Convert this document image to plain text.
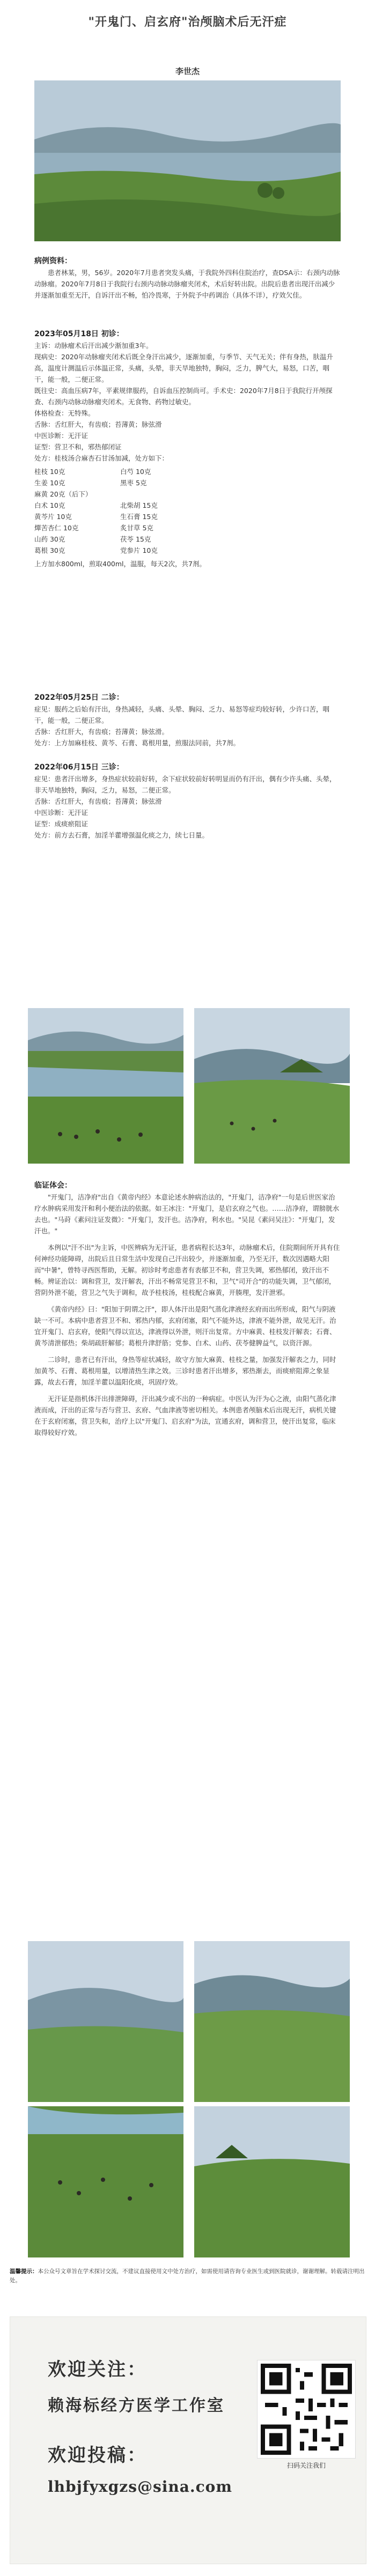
"开鬼门、启玄府"治颅脑术后无汗症
李世杰
病例资料：

患者林某，男，56岁。2020年7月患者突发头痛，于我院外四科住院治疗，查DSA示：右颈内动脉动脉瘤。2020年7月8日于我院行右颈内动脉动脉瘤夹闭术，术后好转出院。出院后患者出现汗出减少并逐渐加重至无汗，自诉汗出不畅，怕冷畏寒，于外院予中药调治（具体不详），疗效欠佳。

2023年05月18日 初诊：

主诉：动脉瘤术后汗出减少渐加重3年。

现病史：2020年动脉瘤夹闭术后既全身汗出减少，逐渐加重，与季节、天气无关；伴有身热，肤温升高，温度计测温后示体温正常，头痛，头晕，非天旱地独特，胸闷，乏力，脾气大，易怒，口苦，咽干，能一般，二便正常。

既往史：高血压病7年，平素规律服药，自诉血压控制尚可。手术史：2020年7月8日于我院行开颅探查、右颈内动脉动脉瘤夹闭术。无食物、药物过敏史。

体格检查：无特殊。

舌脉：舌红肝大，有齿痕；苔薄黄；脉弦滑

中医诊断：无汗证

证型：营卫不和，邪热郁闭证

处方：桂枝汤合麻杏石甘汤加减，处方如下：

桂枝 10克	白芍 10克
生姜 10克	黑枣 5克
麻黄 20克（后下）
白术 10克	北柴胡 15克
黄芩片 10克	生石膏 15克
燀苦杏仁 10克	炙甘草 5克
山药 30克	茯苓 15克
葛根 30克	党参片 10克

上方加水800ml，煎取400ml，温服，每天2次，共7剂。

2022年05月25日 二诊：

症见：服药之后始有汗出，身热减轻，头痛、头晕、胸闷、乏力、易怒等症均较好转，少许口苦，咽干，能一般，二便正常。

舌脉：舌红肝大，有齿痕；苔薄黄；脉弦滑。

处方：上方加麻桂枝、黄芩、石膏、葛根用量，煎服法同前，共7剂。

2022年06月15日 三诊：

症见：患者汗出增多，身热症状较前好转，余下症状较前好转明显而仍有汗出，偶有少许头痛、头晕，非天旱地独特，胸闷，乏力，易怒，二便正常。

舌脉：舌红肝大，有齿痕；苔薄黄；脉弦滑

中医诊断：无汗证

证型：成痰瘀阻证

处方：前方去石膏，加淫羊藿增强温化痰之力，续七日量。

临证体会：

"开鬼门，洁净府"出自《黄帝内经》本意论述水肿病治法的，"开鬼门，洁净府"一句是后世医家治疗水肿病采用发汗和利小便治法的依据。如王冰注："开鬼门，是启玄府之气也。……洁净府，谓膀胱水去也。"马莳《素问注证发微》："开鬼门，发汗也。洁净府，利水也。"吴昆《素问吴注》："开鬼门，发汗也。"

本例以"汗不出"为主诉，中医辨病为无汗证，患者病程长达3年，动脉瘤术后，住院期间所开具有住何神经功能障碍，出院后且日常生活中发现自己汗出较少，并逐渐加重，乃至无汗，数次因遇略大阳而"中暑"，曾特寻西医帮助，无解。初诊时考虑患者有表郁卫不和，营卫失调，邪热郁闭，致汗出不畅。辨证治以：调和营卫，发汗解表，汗出不畅常见营卫不和，卫气"司开合"的功能失调，卫气郁闭，营阴外泄不能，营卫之气失于调和，故予桂枝汤，桂枝配合麻黄，开腠理，发汗泄邪。

《黄帝内经》曰："阳加于阴谓之汗"，即人体汗出是阳气蒸化津液经玄府而出所形成，阳气与阴液缺一不可。本病中患者营卫不和、邪热内郁，玄府闭塞，阳气不能外达，津液不能外泄，故见无汗。治宜开鬼门、启玄府，使阳气得以宣达，津液得以外泄，则汗出复常。方中麻黄、桂枝发汗解表；石膏、黄芩清泄郁热；柴胡疏肝解郁；葛根升津舒筋；党参、白术、山药、茯苓健脾益气，以资汗源。

二诊时，患者已有汗出，身热等症状减轻，故守方加大麻黄、桂枝之量，加强发汗解表之力，同时加黄芩、石膏、葛根用量，以增清热生津之效。三诊时患者汗出增多，邪热渐去，而痰瘀阻滞之象显露，故去石膏，加淫羊藿以温阳化痰，巩固疗效。

无汗证是指机体汗出排泄障碍，汗出减少或不出的一种病症。中医认为汗为心之液，由阳气蒸化津液而成，汗出的正常与否与营卫、玄府、气血津液等密切相关。本例患者颅脑术后出现无汗，病机关键在于玄府闭塞，营卫失和，治疗上以"开鬼门、启玄府"为法，宣通玄府，调和营卫，使汗出复常，临床取得较好疗效。

温馨提示：本公众号文章旨在学术探讨交流，不建议直接使用文中处方治疗，如需使用请咨询专业医生或到医院就诊，谢谢理解。转载请注明出处。
欢迎关注：
赖海标经方医学工作室
欢迎投稿：
lhbjfyxgzs@sina.com
扫码关注我们
